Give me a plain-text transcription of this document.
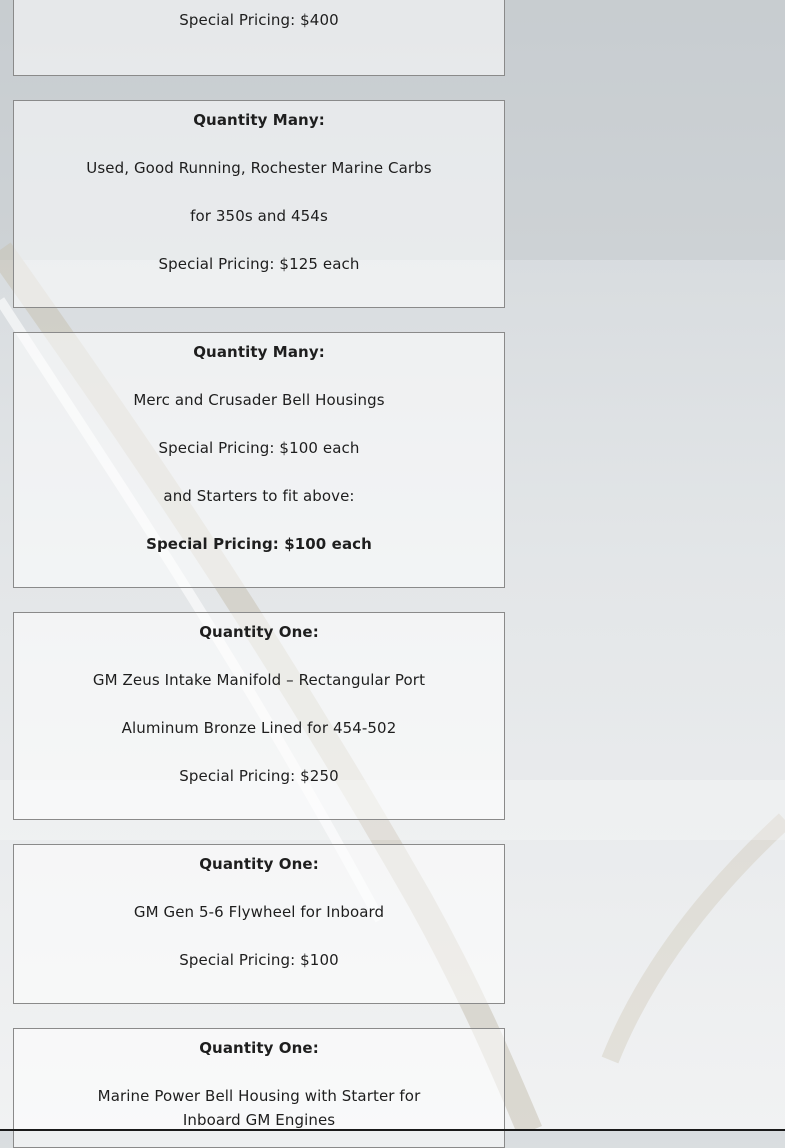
Special Pricing: $400
Quantity Many:
Used, Good Running, Rochester Marine Carbs
for 350s and 454s
Special Pricing: $125 each
Quantity Many:
Merc and Crusader Bell Housings
Special Pricing: $100 each
and Starters to fit above:
Special Pricing: $100 each
Quantity One:
GM Zeus Intake Manifold – Rectangular Port
Aluminum Bronze Lined for 454-502
Special Pricing: $250
Quantity One:
GM Gen 5-6 Flywheel for Inboard
Special Pricing: $100
Quantity One:
Marine Power Bell Housing with Starter for
Inboard GM Engines
